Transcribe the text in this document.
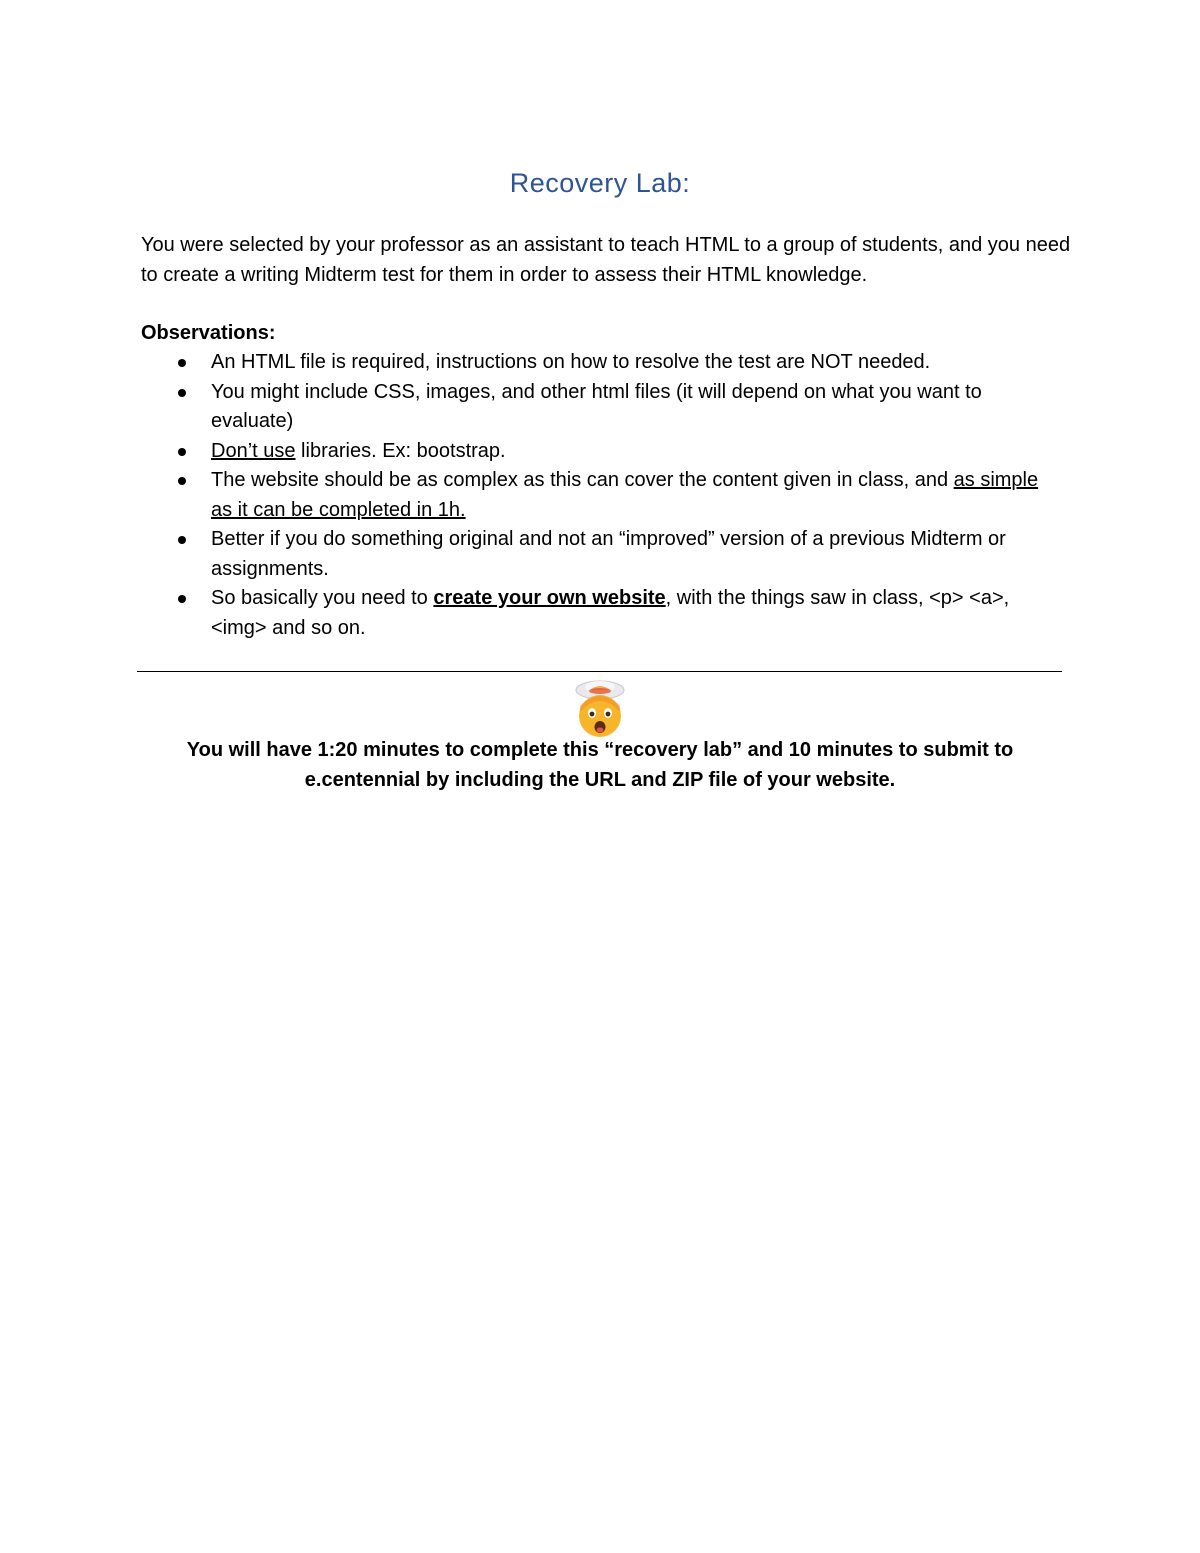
Recovery Lab:

You were selected by your professor as an assistant to teach HTML to a group of students, and you need to create a writing Midterm test for them in order to assess their HTML knowledge.

Observations:

An HTML file is required, instructions on how to resolve the test are NOT needed.
You might include CSS, images, and other html files (it will depend on what you want to evaluate)
Don’t use libraries. Ex: bootstrap.
The website should be as complex as this can cover the content given in class, and as simple as it can be completed in 1h.
Better if you do something original and not an “improved” version of a previous Midterm or assignments.
So basically you need to create your own website, with the things saw in class, <p> <a>, <img> and so on.

You will have 1:20 minutes to complete this “recovery lab” and 10 minutes to submit to e.centennial by including the URL and ZIP file of your website.
